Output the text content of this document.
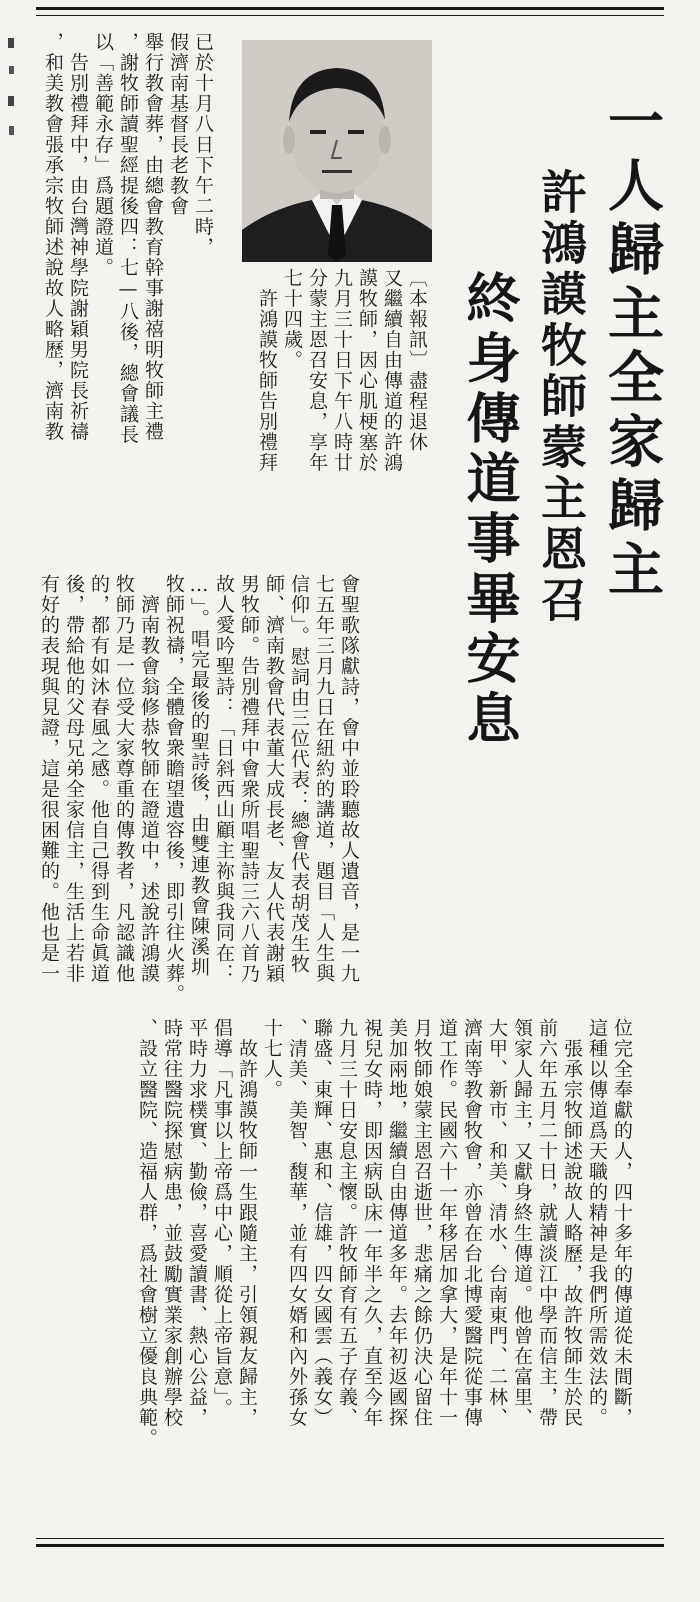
一人歸主全家歸主

許鴻謨牧師蒙主恩召

終身傳道事畢安息

〔本報訊〕盡程退休
又繼續自由傳道的許鴻
謨牧師，因心肌梗塞於
九月三十日下午八時廿
分蒙主恩召安息，享年
七十四歲。
　許鴻謨牧師告別禮拜

已於十月八日下午二時，
假濟南基督長老教會
舉行教會葬，由總會教育幹事謝禧明牧師主禮
，謝牧師讀聖經提後四：七—八後，總會議長
以「善範永存」爲題證道。
　告別禮拜中，由台灣神學院謝穎男院長祈禱
，和美教會張承宗牧師述說故人略歷，濟南教

會聖歌隊獻詩，會中並聆聽故人遺音，是一九
七五年三月九日在紐約的講道，題目「人生與
信仰」。慰詞由三位代表：總會代表胡茂生牧
師、濟南教會代表董大成長老、友人代表謝穎
男牧師。告別禮拜中會衆所唱聖詩三六八首乃
故人愛吟聖詩：「日斜西山顧主祢與我同在：
…」。唱完最後的聖詩後，由雙連教會陳溪圳
牧師祝禱，全體會衆瞻望遺容後，即引往火葬。
　濟南教會翁修恭牧師在證道中，述說許鴻謨
牧師乃是一位受大家尊重的傳教者，凡認識他
的，都有如沐春風之感。他自己得到生命眞道
後，帶給他的父母兄弟全家信主，生活上若非
有好的表現與見證，這是很困難的。他也是一

位完全奉獻的人，四十多年的傳道從未間斷，
這種以傳道爲天職的精神是我們所需效法的。
　張承宗牧師述說故人略歷，故許牧師生於民
前六年五月二十日，就讀淡江中學而信主，帶
領家人歸主，又獻身終生傳道。他曾在富里、
大甲、新市、和美、清水、台南東門、二林、
濟南等教會牧會，亦曾在台北博愛醫院從事傳
道工作。民國六十一年移居加拿大，是年十一
月牧師娘蒙主恩召逝世，悲痛之餘仍決心留住
美加兩地，繼續自由傳道多年。去年初返國探
視兒女時，即因病臥床一年半之久，直至今年
九月三十日安息主懷。許牧師育有五子存義、
聯盛、東輝、惠和、信雄，四女國雲（義女）
、清美、美智、馥華，並有四女婿和內外孫女
十七人。
　故許鴻謨牧師一生跟隨主，引領親友歸主，
倡導「凡事以上帝爲中心，順從上帝旨意」。
平時力求樸實、勤儉，喜愛讀書、熱心公益，
時常往醫院探慰病患，並鼓勵實業家創辦學校
、設立醫院、造福人群，爲社會樹立優良典範。
